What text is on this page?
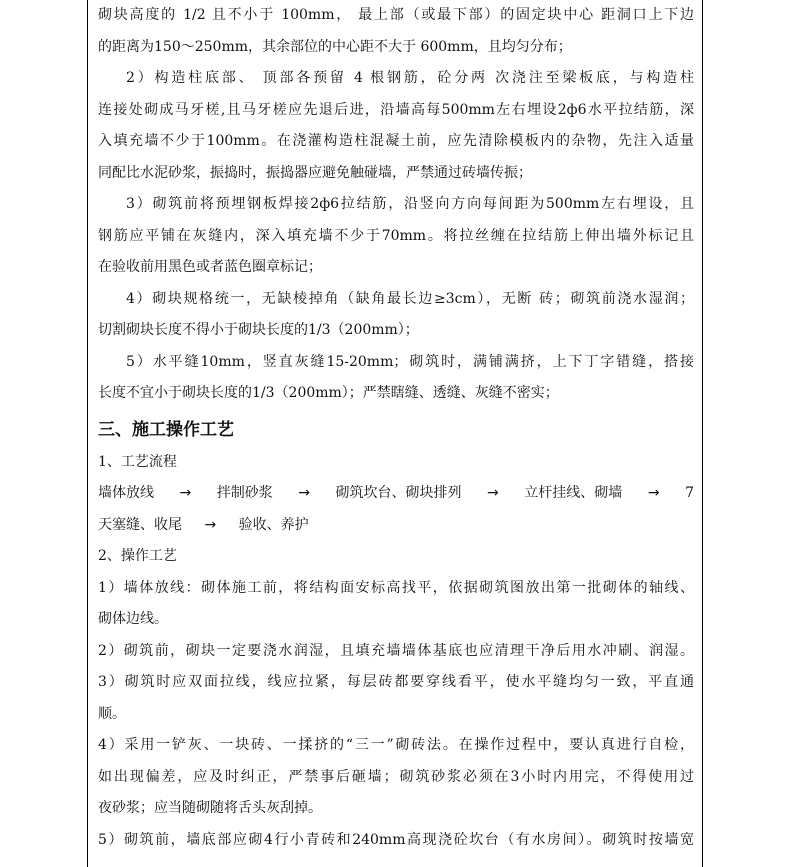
砌块高度的 1/2 且不小于 100mm， 最上部（或最下部）的固定块中心 距洞口上下边
的距离为150～250mm，其余部位的中心距不大于 600mm，且均匀分布；
2）构造柱底部、 顶部各预留 4 根钢筋，砼分两 次浇注至梁板底，与构造柱
连接处砌成马牙槎,且马牙槎应先退后进，沿墙高每500mm左右埋设2ф6水平拉结筋，深
入填充墙不少于100mm。在浇灌构造柱混凝土前，应先清除模板内的杂物，先注入适量
同配比水泥砂浆，振捣时，振捣器应避免触碰墙，严禁通过砖墙传振；
3）砌筑前将预埋钢板焊接2ф6拉结筋，沿竖向方向每间距为500mm左右埋设，且
钢筋应平铺在灰缝内，深入填充墙不少于70mm。将拉丝缠在拉结筋上伸出墙外标记且
在验收前用黑色或者蓝色圈章标记；
4）砌块规格统一，无缺棱掉角（缺角最长边≥3cm），无断 砖；砌筑前浇水湿润；
切割砌块长度不得小于砌块长度的1/3（200mm）；
5）水平缝10mm，竖直灰缝15-20mm；砌筑时，满铺满挤，上下丁字错缝，搭接
长度不宜小于砌块长度的1/3（200mm）；严禁瞎缝、透缝、灰缝不密实；
三、施工操作工艺
1、工艺流程
墙体放线 → 拌制砂浆 → 砌筑坎台、砌块排列 → 立杆挂线、砌墙 → 7
天塞缝、收尾 → 验收、养护
2、操作工艺
1）墙体放线：砌体施工前，将结构面安标高找平，依据砌筑图放出第一批砌体的轴线、
砌体边线。
2）砌筑前，砌块一定要浇水润湿，且填充墙墙体基底也应清理干净后用水冲刷、润湿。
3）砌筑时应双面拉线，线应拉紧，每层砖都要穿线看平，使水平缝均匀一致，平直通
顺。
4）采用一铲灰、一块砖、一揉挤的“三一”砌砖法。在操作过程中，要认真进行自检，
如出现偏差，应及时纠正，严禁事后砸墙；砌筑砂浆必须在3小时内用完，不得使用过
夜砂浆；应当随砌随将舌头灰刮掉。
5）砌筑前，墙底部应砌4行小青砖和240mm高现浇砼坎台（有水房间）。砌筑时按墙宽
